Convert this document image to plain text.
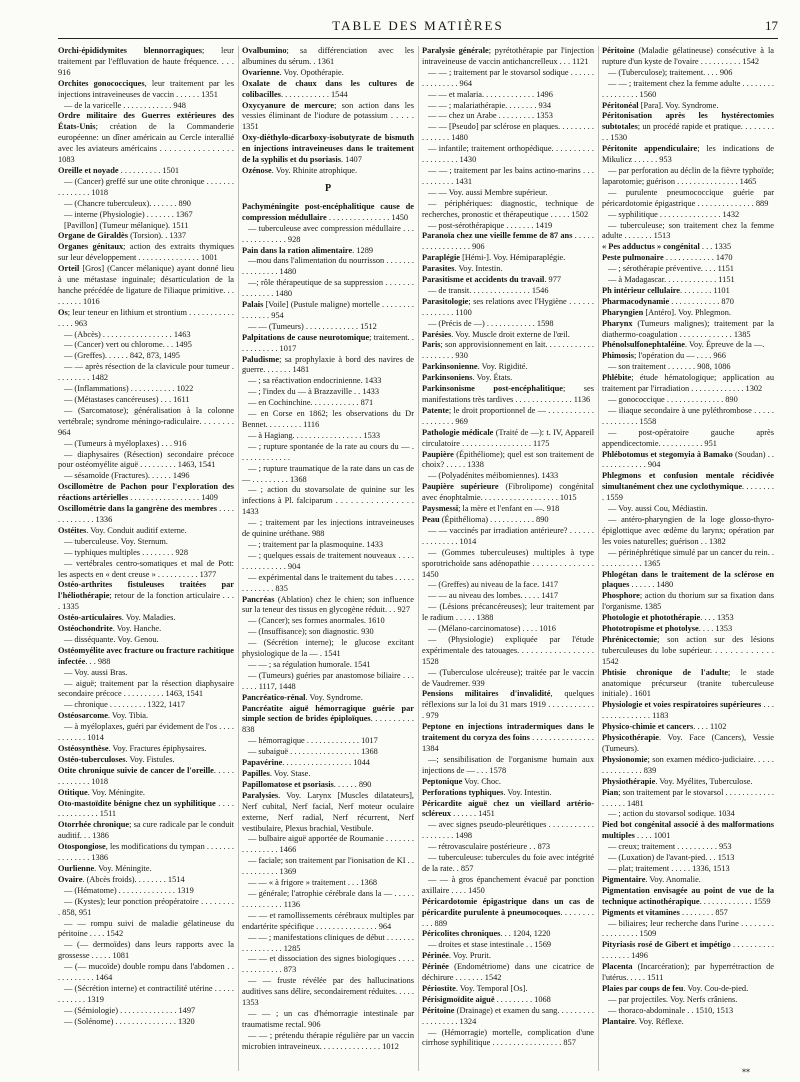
TABLE DES MATIÈRES	17
Orchi-épididymites blennorragiques; leur traitement par l'effluvation de haute fréquence. . . . 916
Orchites gonococciques, leur traitement par les injections intraveineuses de vaccin . . . . . . 1351
— de la varicelle . . . . . . . . . . . . 948
Ordre militaire des Guerres extérieures des États-Unis; création de la Commanderie européenne: un dîner américain au Cercle interallié avec les aviateurs américains . . . . . . . . . . . . . . . . 1083
Oreille et noyade . . . . . . . . . . 1501
— (Cancer) greffé sur une otite chronique . . . . . . . . . . . . . . . 1018
— (Chancre tuberculeux). . . . . . . 890
— interne (Physiologie) . . . . . . . 1367
[Pavillon] (Tumeur mélanique). 1511
Organe de Giraldès (Torsion). . 1337
Organes génitaux; action des extraits thymiques sur leur développement . . . . . . . . . . . . . . . 1001
Orteil [Gros] (Cancer mélanique) ayant donné lieu à une métastase inguinale; désarticulation de la hanche précédée de ligature de l'iliaque primitive. . . . . . . . . 1016
Os; leur teneur en lithium et strontium . . . . . . . . . . . . . . . 963
— (Abcès) . . . . . . . . . . . . . . . . . 1463
— (Cancer) vert ou chlorome. . . 1495
— (Greffes). . . . . . 842, 873, 1495
— — après résection de la clavicule pour tumeur . . . . . . . . . 1482
— (Inflammations) . . . . . . . . . . . 1022
— (Métastases cancéreuses) . . . 1611
— (Sarcomatose); généralisation à la colonne vertébrale; syndrome méningo-radiculaire. . . . . . . . 964
— (Tumeurs à myéloplaxes) . . . 916
— diaphysaires (Résection) secondaire précoce pour ostéomyélite aiguë . . . . . . . . . 1463, 1541
— sésamoïde (Fractures). . . . . . 1496
Oscillomètre de Pachon pour l'exploration des réactions artérielles . . . . . . . . . . . . . . . . . 1409
Oscillométrie dans la gangrène des membres . . . . . . . . . . . . . 1336
Ostéites. Voy. Conduit auditif externe.
— tuberculeuse. Voy. Sternum.
— typhiques multiples . . . . . . . . 928
— vertébrales centro-somatiques et mal de Pott: les aspects en « dent creuse » . . . . . . . . . . 1377
Ostéo-arthrites fistuleuses traitées par l'héliothérapie; retour de la fonction articulaire . . . . 1335
Ostéo-articulaires. Voy. Maladies.
Ostéochondrite. Voy. Hanche.
— disséquante. Voy. Genou.
Ostéomyélite avec fracture ou fracture rachitique infectée. . . 988
— Voy. aussi Bras.
— aiguë; traitement par la résection diaphysaire secondaire précoce . . . . . . . . . . 1463, 1541
— chronique . . . . . . . . . 1322, 1417
Ostéosarcome. Voy. Tibia.
— à myéloplaxes, guéri par évidement de l'os . . . . . . . . . . . 1014
Ostéosynthèse. Voy. Fractures épiphysaires.
Ostéo-tuberculoses. Voy. Fistules.
Otite chronique suivie de cancer de l'oreille. . . . . . . . . . . . . 1018
Otitique. Voy. Méningite.
Oto-mastoïdite bénigne chez un syphilitique . . . . . . . . . . . . . . 1511
Otorrhée chronique; sa cure radicale par le conduit auditif. . . 1386
Otospongiose, les modifications du tympan . . . . . . . . . . . . . . . 1386
Ourlienne. Voy. Méningite.
Ovaire. (Abcès froids). . . . . . . . 1514
— (Hématome) . . . . . . . . . . . . . . 1319
— (Kystes); leur ponction préopératoire . . . . . . . . . 858, 951
— — rompu suivi de maladie gélatineuse du péritoine . . . . 1542
— (— dermoïdes) dans leurs rapports avec la grossesse . . . . . 1081
— (— mucoïde) double rompu dans l'abdomen . . . . . . . . . . . 1464
— (Sécrétion interne) et contractilité utérine . . . . . . . . . . . . 1319
— (Sémiologie) . . . . . . . . . . . . . . 1497
— (Solénome) . . . . . . . . . . . . . . . 1320
Ovalbumino; sa différenciation avec les albumines du sérum. . 1361
Ovarienne. Voy. Opothérapie.
Oxalate de chaux dans les cultures de colibacilles. . . . . . . . . . . . 1544
Oxycyanure de mercure; son action dans les vessies éliminant de l'iodure de potassium . . . . . 1351
Oxy-diéthylo-dicarboxy-isobutyrate de bismuth en injections intraveineuses dans le traitement de la syphilis et du psoriasis. 1407
Ozénose. Voy. Rhinite atrophique.
P
Pachyméningite post-encéphalitique cause de compression médullaire . . . . . . . . . . . . . . . 1450
— tuberculeuse avec compression médullaire . . . . . . . . . . . . . . 928
Pain dans la ration alimentaire. 1289
—mou dans l'alimentation du nourrisson . . . . . . . . . . . . . . . . 1480
—; rôle thérapeutique de sa suppression . . . . . . . . . . . . . . . 1480
Palais [Voile] (Pustule maligne) mortelle . . . . . . . . . . . . . . . 954
— — (Tumeurs) . . . . . . . . . . . . . 1512
Palpitations de cause neurotomique; traitement. . . . . . . . . . . 1017
Paludisme; sa prophylaxie à bord des navires de guerre. . . . . . . 1481
— ; sa réactivation endocrinienne. 1433
— ; l'index du — à Brazzaville . . 1433
— en Cochinchine. . . . . . . . . . . . 871
— en Corse en 1862; les observations du Dr Bennet. . . . . . . . . 1116
— à Hagiang. . . . . . . . . . . . . . . . . 1533
— ; rupture spontanée de la rate au cours du — . . . . . . . . . . . . .
— ; rupture traumatique de la rate dans un cas de — . . . . . . . . . 1368
— ; action du stovarsolate de quinine sur les infections à Pl. falciparum . . . . . . . . . . . . . . . . 1433
— ; traitement par les injections intraveineuses de quinine uréthane. 988
— ; traitement par la plasmoquine. 1433
— ; quelques essais de traitement nouveaux . . . . . . . . . . . . . . . 904
— expérimental dans le traitement du tabes . . . . . . . . . . . . . 835
Pancréas (Ablation) chez le chien; son influence sur la teneur des tissus en glycogène réduit. . . 927
— (Cancer); ses formes anormales. 1610
— (Insuffisance); son diagnostic. 930
— (Sécrétion interne); le glucose excitant physiologique de la — . 1541
— — ; sa régulation humorale. 1541
— (Tumeurs) guéries par anastomose biliaire . . . . . . . 1117, 1448
Pancréatico-rénal. Voy. Syndrome.
Pancréatite aiguë hémorragique guérie par simple section de brides épiploïques. . . . . . . . . . 838
— hémorragique . . . . . . . . . . . . . 1017
— subaiguë . . . . . . . . . . . . . . . . . 1368
Papavérine. . . . . . . . . . . . . . . . . 1044
Papilles. Voy. Stase.
Papillomatose et psoriasis. . . . . . 890
Paralysies. Voy. Larynx [Muscles dilatateurs], Nerf cubital, Nerf facial, Nerf moteur oculaire externe, Nerf radial, Nerf récurrent, Nerf vestibulaire, Plexus brachial, Vestibule.
— bulbaire aiguë apportée de Roumanie . . . . . . . . . . . . . . . . 1466
— faciale; son traitement par l'ionisation de KI . . . . . . . . . . . 1369
— — « à frigore » traitement . . . 1368
— générale; l'atrophie cérébrale dans la — . . . . . . . . . . . . . . . 1136
— — et ramollissements cérébraux multiples par endartérite spécifique . . . . . . . . . . . . . . . 964
— — ; manifestations cliniques de début . . . . . . . . . . . . . . . . . 1285
— — et dissociation des signes biologiques . . . . . . . . . . . . . . 873
— — fruste révélée par des hallucinations auditives sans délire, secondairement réduites. . . . . 1353
— — ; un cas d'hémorragie intestinale par traumatisme rectal. 906
— — ; prétendu thérapie régulière par un vaccin microbien intraveineux. . . . . . . . . . . . . . . 1012
Paralysie générale; pyrétothérapie par l'injection intraveineuse de vaccin antichancrelleux . . . 1121
— — ; traitement par le stovarsol sodique . . . . . . . . . . . . . . . 964
— — et malaria. . . . . . . . . . . . . 1496
— — ; malariathérapie. . . . . . . . 934
— — chez un Arabe . . . . . . . . . 1353
— — [Pseudo] par sclérose en plaques. . . . . . . . . . . . . . . . 1480
— infantile; traitement orthopédique. . . . . . . . . . . . . . . . . . . 1430
— — ; traitement par les bains actino-marins . . . . . . . . . . . 1431
— — Voy. aussi Membre supérieur.
— périphériques: diagnostic, technique de recherches, pronostic et thérapeutique . . . . . 1502
— post-sérothérapique . . . . . . . 1419
Paranoïa chez une vieille femme de 87 ans . . . . . . . . . . . . . . . . . 906
Paraplégie [Hémi-]. Voy. Hémiparaplégie.
Parasites. Voy. Intestin.
Parasitisme et accidents du travail. 977
— de transit. . . . . . . . . . . . . . . 1546
Parasitologie; ses relations avec l'Hygiène . . . . . . . . . . . . . . 1100
— (Précis de —) . . . . . . . . . . . . 1598
Parésies. Voy. Muscle droit externe de l'œil.
Paris; son approvisionnement en lait. . . . . . . . . . . . . . . . . . . . 930
Parkinsonienne. Voy. Rigidité.
Parkinsoniens. Voy. États.
Parkinsonisme post-encéphalitique; ses manifestations très tardives . . . . . . . . . . . . . . 1136
Patente; le droit proportionnel de — . . . . . . . . . . . . . . . . . . . 969
Pathologie médicale (Traité de —): t. IV, Appareil circulatoire . . . . . . . . . . . . . . . . . 1175
Paupière (Épithéliome); quel est son traitement de choix? . . . . . 1338
— (Polyadénites méibomiennes). 1433
Paupière supérieure (Fibrolipome) congénital avec énophtalmie. . . . . . . . . . . . . . . . . . . 1015
Paysmessi; la mère et l'enfant en —. 918
Peau (Épithélioma) . . . . . . . . . . . 890
— — vaccinés par irradiation antérieure? . . . . . . . . . . . . . . . 1014
— (Gommes tuberculeuses) multiples à type sporotrichoïde sans adénopathie . . . . . . . . . . . . . . 1450
— (Greffes) au niveau de la face. 1417
— — au niveau des lombes. . . . . 1417
— (Lésions précancéreuses); leur traitement par le radium . . . . . 1388
— (Mélano-carcinomatose) . . . . 1016
— (Physiologie) expliquée par l'étude expérimentale des tatouages. . . . . . . . . . . . . . . . . 1528
— (Tuberculose ulcéreuse); traitée par le vaccin de Vaudremer. 939
Pensions militaires d'invalidité, quelques réflexions sur la loi du 31 mars 1919 . . . . . . . . . . . . 979
Peptone en injections intradermiques dans le traitement du coryza des foins . . . . . . . . . . . . . . . 1384
—; sensibilisation de l'organisme humain aux injections de — . . . 1578
Peptonique Voy. Choc.
Perforations typhiques. Voy. Intestin.
Péricardite aiguë chez un vieillard artério-scléreux . . . . . . 1451
— avec signes pseudo-pleurétiques . . . . . . . . . . . . . . . . . . . 1498
— rétrovasculaire postérieure . . 873
— tuberculeuse: tubercules du foie avec intégrité de la rate. . 857
— — à gros épanchement évacué par ponction axillaire . . . . 1450
Péricardotomie épigastrique dans un cas de péricardite purulente à pneumocoques. . . . . . . . . . . 889
Péricolites chroniques. . . 1204, 1220
— droites et stase intestinale . . 1569
Périnée. Voy. Prurit.
Périnée (Endométriome) dans une cicatrice de déchirure . . . . . . . 1542
Périostite. Voy. Temporal [Os].
Périsigmoïdite aiguë . . . . . . . . . 1068
Péritoine (Drainage) et examen du sang. . . . . . . . . . . . . . . . . . 1324
— (Hémorragie) mortelle, complication d'une cirrhose syphilitique . . . . . . . . . . . . . . . . . 857
Péritoine (Maladie gélatineuse) consécutive à la rupture d'un kyste de l'ovaire . . . . . . . . . . 1542
— (Tuberculose); traitement. . . . 906
— — ; traitement chez la femme adulte . . . . . . . . . . . . . . . . . 1560
Péritonéal [Para]. Voy. Syndrome.
Péritonisation après les hystérectomies subtotales; un procédé rapide et pratique. . . . . . . . . . 1530
Péritonite appendiculaire; les indications de Mikulicz . . . . . . 953
— par perforation au déclin de la fièvre typhoïde; laparotomie; guérison . . . . . . . . . . . . . . . 1465
— purulente pneumococcique guérie par péricardotomie épigastrique . . . . . . . . . . . . . . 889
— syphilitique . . . . . . . . . . . . . . . 1432
— tuberculeuse; son traitement chez la femme adulte . . . . . . . 1513
« Pes adductus » congénital . . . 1335
Peste pulmonaire . . . . . . . . . . . . 1470
— ; sérothérapie préventive. . . . 1151
— à Madagascar. . . . . . . . . . . . . 1151
Ph intérieur cellulaire. . . . . . . . 1101
Pharmacodynamie . . . . . . . . . . . . 870
Pharyngien [Antéro]. Voy. Phlegmon.
Pharynx (Tumeurs malignes); traitement par la diathermo-coagulation . . . . . . . . . . . . . 1385
Phénolsulfonephtaléine. Voy. Épreuve de la —.
Phimosis; l'opération du — . . . . 966
— son traitement . . . . . . . 908, 1086
Phlébite; étude hématologique; application au traitement par l'irradiation . . . . . . . . . . . . . 1302
— gonococcique . . . . . . . . . . . . . . 890
— iliaque secondaire à une pyléthrombose . . . . . . . . . . . . . . 1558
— post-opératoire gauche après appendicectomie. . . . . . . . . . . 951
Phlébotomus et stegomyia à Bamako (Soudan) . . . . . . . . . . . . . 904
Phlegmons et confusion mentale récidivée simultanément chez une cyclothymique. . . . . . . . . 1559
— Voy. aussi Cou, Médiastin.
— antéro-pharyngien de la loge glosso-thyro-épiglottique avec œdème du larynx; opération par les voies naturelles; guérison . . 1382
— périnéphrétique simulé par un cancer du rein. . . . . . . . . . . . 1365
Phlogétan dans le traitement de la sclérose en plaques . . . . . . 1480
Phosphore; action du thorium sur sa fixation dans l'organisme. 1385
Photologie et photothérapie. . . . 1353
Phototropisme et photolyse. . . . 1353
Phrénicectomie; son action sur des lésions tuberculeuses du lobe supérieur. . . . . . . . . . . . . 1542
Phtisie chronique de l'adulte; le stade anatomique précurseur (tranite tuberculeuse initiale) . 1601
Physiologie et voies respiratoires supérieures . . . . . . . . . . . . . . . 1183
Physico-chimie et cancers. . . . 1102
Physicothérapie. Voy. Face (Cancers), Vessie (Tumeurs).
Physionomie; son examen médico-judiciaire. . . . . . . . . . . . . . . 839
Physiothérapie. Voy. Myélites, Tuberculose.
Pian; son traitement par le stovarsol . . . . . . . . . . . . . . . . . . 1481
— ; action du stovarsol sodique. 1034
Pied bot congénital associé à des malformations multiples . . . . 1001
— creux; traitement . . . . . . . . . . 953
— (Luxation) de l'avant-pied. . . 1513
— plat; traitement . . . . . 1336, 1513
Pigmentaire. Voy. Anomalie.
Pigmentation envisagée au point de vue de la technique actinothérapique. . . . . . . . . . . . . 1559
Pigments et vitamines . . . . . . . . 857
— biliaires; leur recherche dans l'urine . . . . . . . . . . . . . . . . . 1509
Pityriasis rosé de Gibert et impétigo . . . . . . . . . . . . . . . . . 1496
Placenta (Incarcération); par hyperrétraction de l'utérus. . . . . 1511
Plaies par coups de feu. Voy. Cou-de-pied.
— par projectiles. Voy. Nerfs crâniens.
— thoraco-abdominale . . 1510, 1513
Plantaire. Voy. Réflexe.
**
